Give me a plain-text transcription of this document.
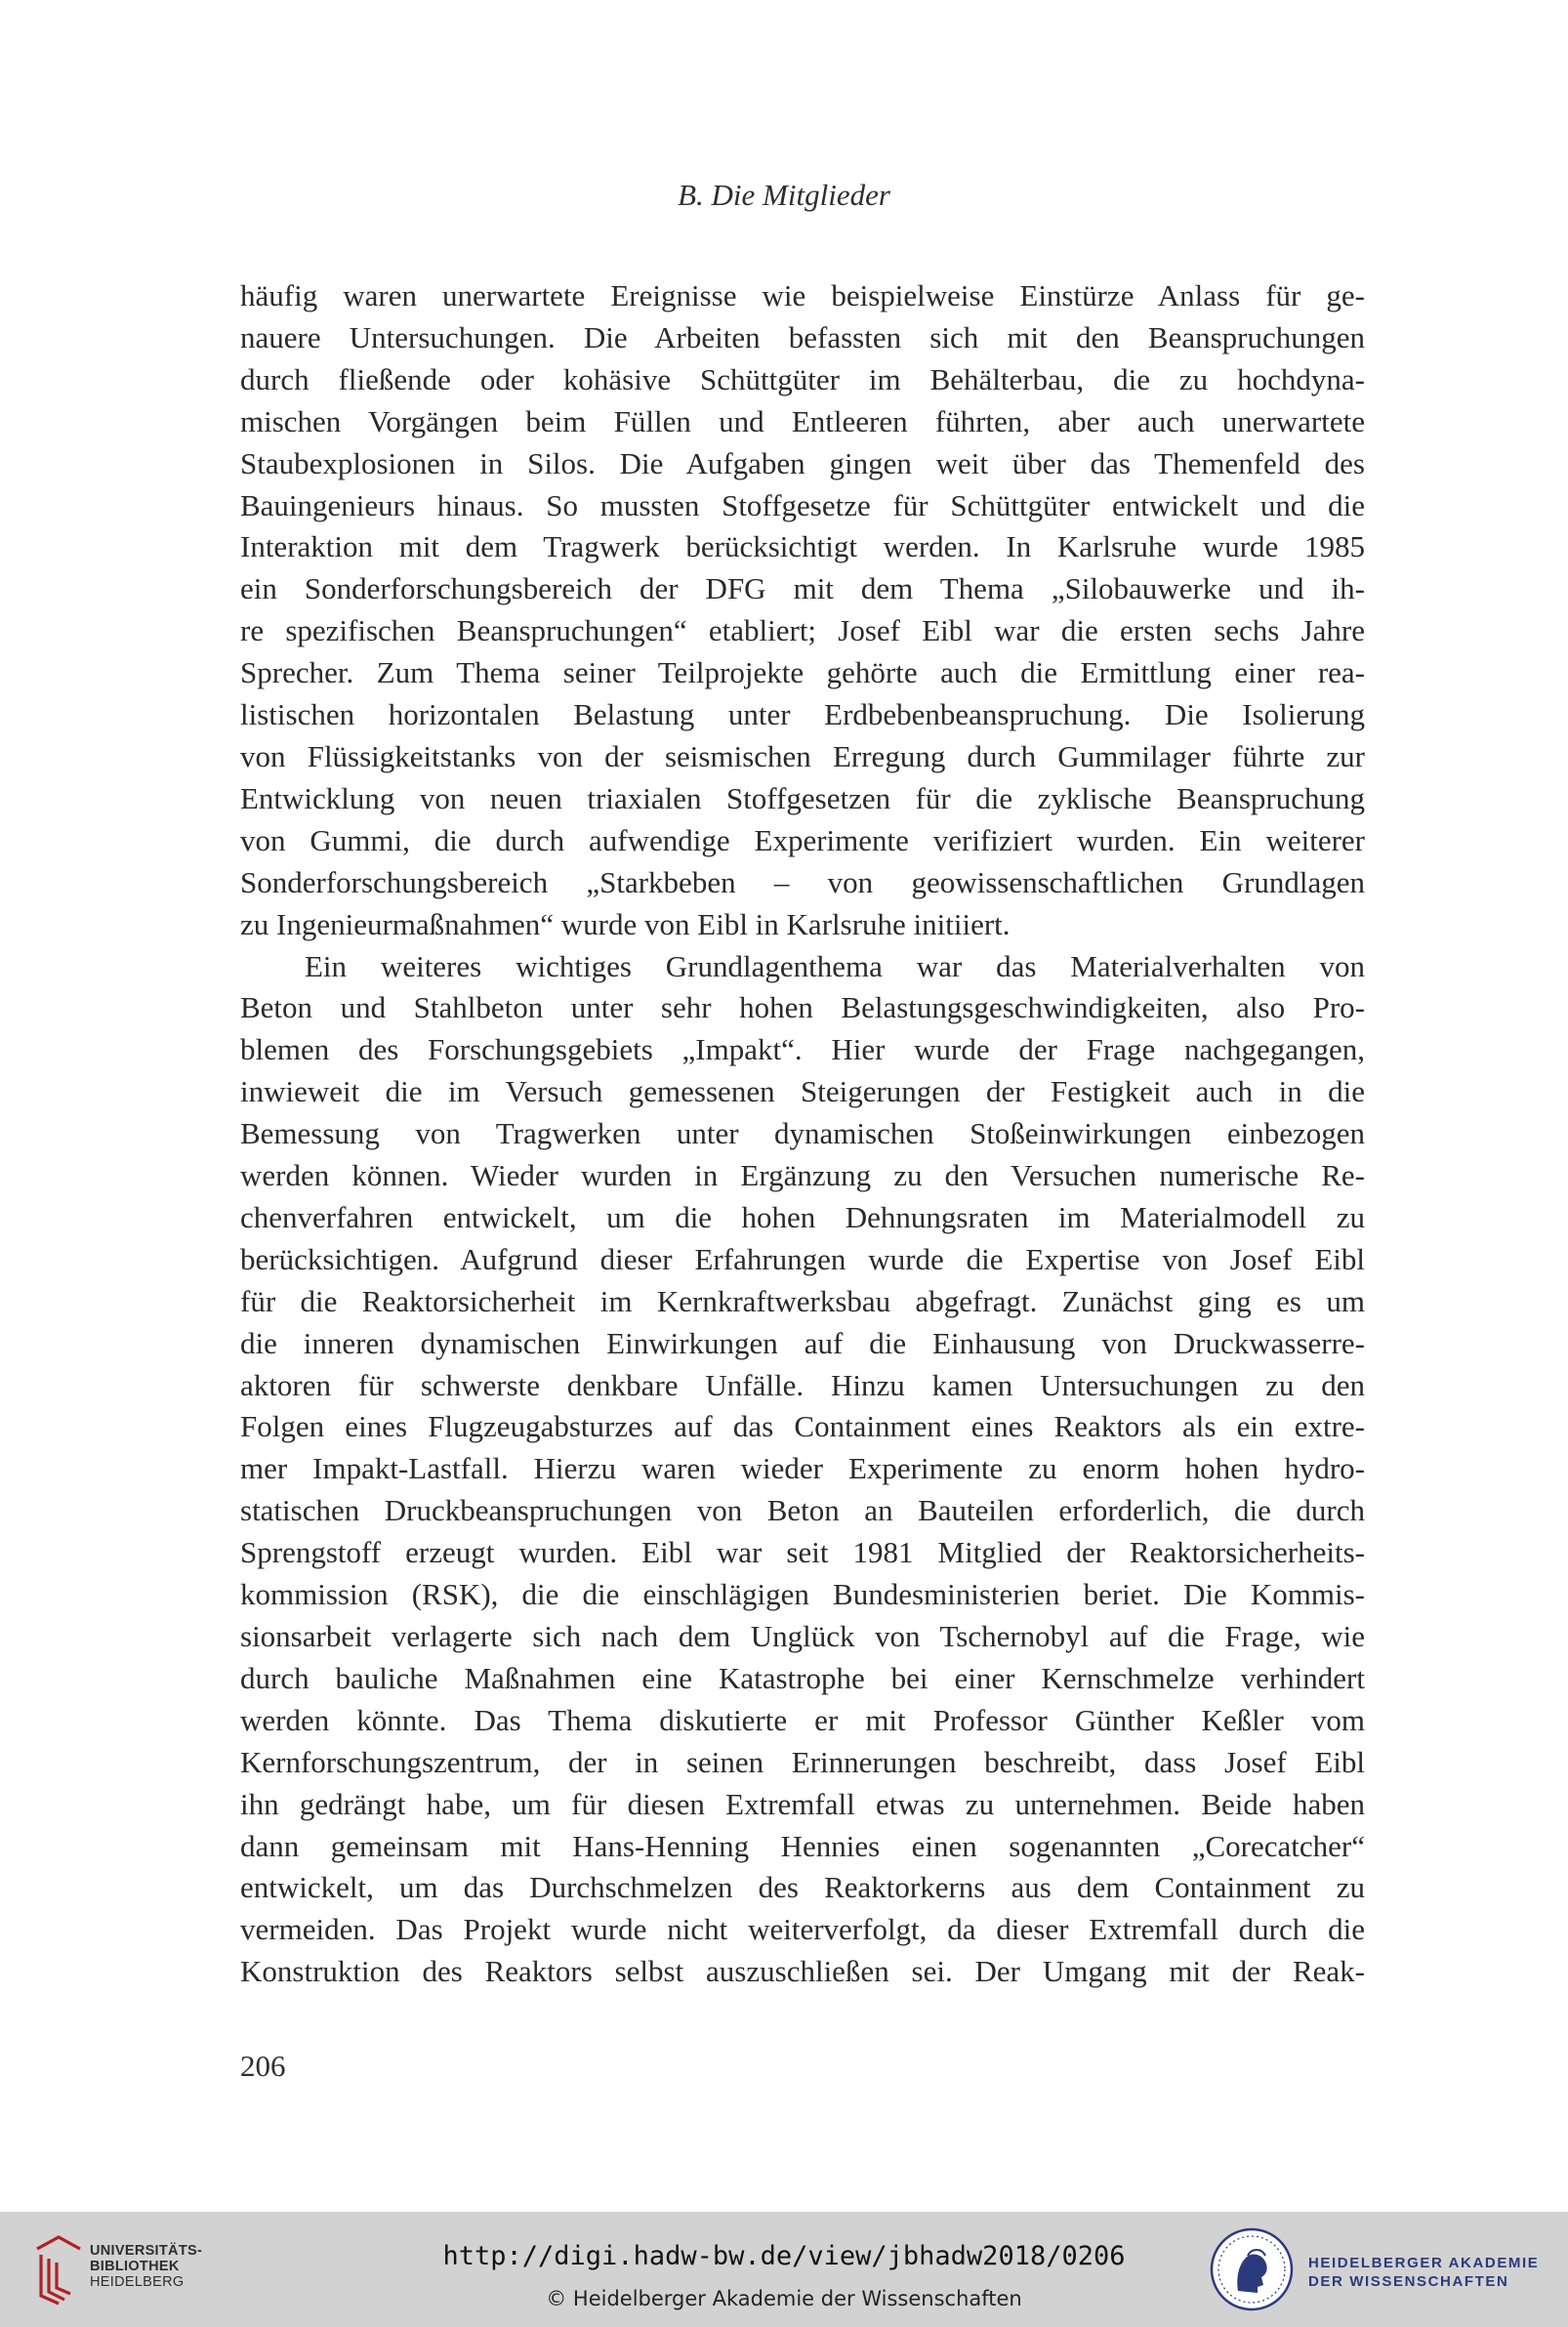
B. Die Mitglieder

häufig waren unerwartete Ereignisse wie beispielweise Einstürze Anlass für ge-
nauere Untersuchungen. Die Arbeiten befassten sich mit den Beanspruchungen
durch fließende oder kohäsive Schüttgüter im Behälterbau, die zu hochdyna-
mischen Vorgängen beim Füllen und Entleeren führten, aber auch unerwartete
Staubexplosionen in Silos. Die Aufgaben gingen weit über das Themenfeld des
Bauingenieurs hinaus. So mussten Stoffgesetze für Schüttgüter entwickelt und die
Interaktion mit dem Tragwerk berücksichtigt werden. In Karlsruhe wurde 1985
ein Sonderforschungsbereich der DFG mit dem Thema „Silobauwerke und ih-
re spezifischen Beanspruchungen“ etabliert; Josef Eibl war die ersten sechs Jahre
Sprecher. Zum Thema seiner Teilprojekte gehörte auch die Ermittlung einer rea-
listischen horizontalen Belastung unter Erdbebenbeanspruchung. Die Isolierung
von Flüssigkeitstanks von der seismischen Erregung durch Gummilager führte zur
Entwicklung von neuen triaxialen Stoffgesetzen für die zyklische Beanspruchung
von Gummi, die durch aufwendige Experimente verifiziert wurden. Ein weiterer
Sonderforschungsbereich „Starkbeben – von geowissenschaftlichen Grundlagen
zu Ingenieurmaßnahmen“ wurde von Eibl in Karlsruhe initiiert.

Ein weiteres wichtiges Grundlagenthema war das Materialverhalten von
Beton und Stahlbeton unter sehr hohen Belastungsgeschwindigkeiten, also Pro-
blemen des Forschungsgebiets „Impakt“. Hier wurde der Frage nachgegangen,
inwieweit die im Versuch gemessenen Steigerungen der Festigkeit auch in die
Bemessung von Tragwerken unter dynamischen Stoßeinwirkungen einbezogen
werden können. Wieder wurden in Ergänzung zu den Versuchen numerische Re-
chenverfahren entwickelt, um die hohen Dehnungsraten im Materialmodell zu
berücksichtigen. Aufgrund dieser Erfahrungen wurde die Expertise von Josef Eibl
für die Reaktorsicherheit im Kernkraftwerksbau abgefragt. Zunächst ging es um
die inneren dynamischen Einwirkungen auf die Einhausung von Druckwasserre-
aktoren für schwerste denkbare Unfälle. Hinzu kamen Untersuchungen zu den
Folgen eines Flugzeugabsturzes auf das Containment eines Reaktors als ein extre-
mer Impakt-Lastfall. Hierzu waren wieder Experimente zu enorm hohen hydro-
statischen Druckbeanspruchungen von Beton an Bauteilen erforderlich, die durch
Sprengstoff erzeugt wurden. Eibl war seit 1981 Mitglied der Reaktorsicherheits-
kommission (RSK), die die einschlägigen Bundesministerien beriet. Die Kommis-
sionsarbeit verlagerte sich nach dem Unglück von Tschernobyl auf die Frage, wie
durch bauliche Maßnahmen eine Katastrophe bei einer Kernschmelze verhindert
werden könnte. Das Thema diskutierte er mit Professor Günther Keßler vom
Kernforschungszentrum, der in seinen Erinnerungen beschreibt, dass Josef Eibl
ihn gedrängt habe, um für diesen Extremfall etwas zu unternehmen. Beide haben
dann gemeinsam mit Hans-Henning Hennies einen sogenannten „Corecatcher“
entwickelt, um das Durchschmelzen des Reaktorkerns aus dem Containment zu
vermeiden. Das Projekt wurde nicht weiterverfolgt, da dieser Extremfall durch die
Konstruktion des Reaktors selbst auszuschließen sei. Der Umgang mit der Reak-

206
UNIVERSITÄTS-
BIBLIOTHEK
HEIDELBERG
http://digi.hadw-bw.de/view/jbhadw2018/0206
© Heidelberger Akademie der Wissenschaften
HEIDELBERGER AKADEMIE
DER WISSENSCHAFTEN
